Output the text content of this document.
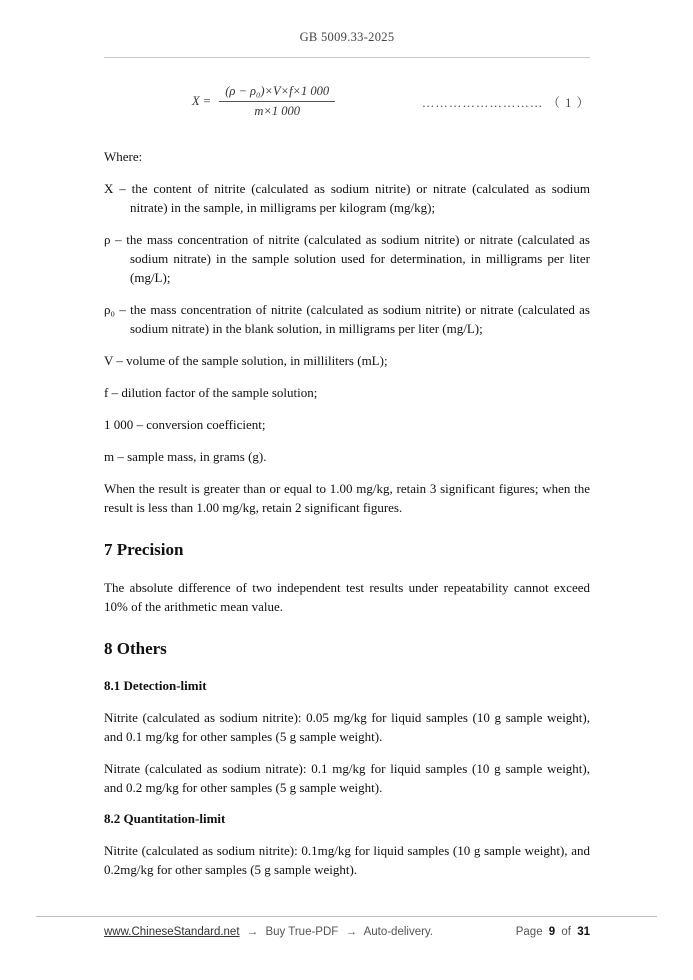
GB 5009.33-2025
$X = \frac{\text{(ρ − ρ₀)×V×f×1 000}}{m\times 1 000}$	……………………… （ 1 ）

Where:

X – the content of nitrite (calculated as sodium nitrite) or nitrate (calculated as sodium nitrate) in the sample, in milligrams per kilogram (mg/kg);

ρ – the mass concentration of nitrite (calculated as sodium nitrite) or nitrate (calculated as sodium nitrate) in the sample solution used for determination, in milligrams per liter (mg/L);

ρ₀ – the mass concentration of nitrite (calculated as sodium nitrite) or nitrate (calculated as sodium nitrate) in the blank solution, in milligrams per liter (mg/L);

V – volume of the sample solution, in milliliters (mL);

f – dilution factor of the sample solution;

1 000 – conversion coefficient;

m – sample mass, in grams (g).

When the result is greater than or equal to 1.00 mg/kg, retain 3 significant figures; when the result is less than 1.00 mg/kg, retain 2 significant figures.

7 Precision

The absolute difference of two independent test results under repeatability cannot exceed 10% of the arithmetic mean value.

8 Others
8.1 Detection-limit

Nitrite (calculated as sodium nitrite): 0.05 mg/kg for liquid samples (10 g sample weight), and 0.1 mg/kg for other samples (5 g sample weight).

Nitrate (calculated as sodium nitrate): 0.1 mg/kg for liquid samples (10 g sample weight), and 0.2 mg/kg for other samples (5 g sample weight).

8.2 Quantitation-limit

Nitrite (calculated as sodium nitrite): 0.1mg/kg for liquid samples (10 g sample weight), and 0.2mg/kg for other samples (5 g sample weight).

www.ChineseStandard.net → Buy True-PDF → Auto-delivery.	Page 9 of 31
